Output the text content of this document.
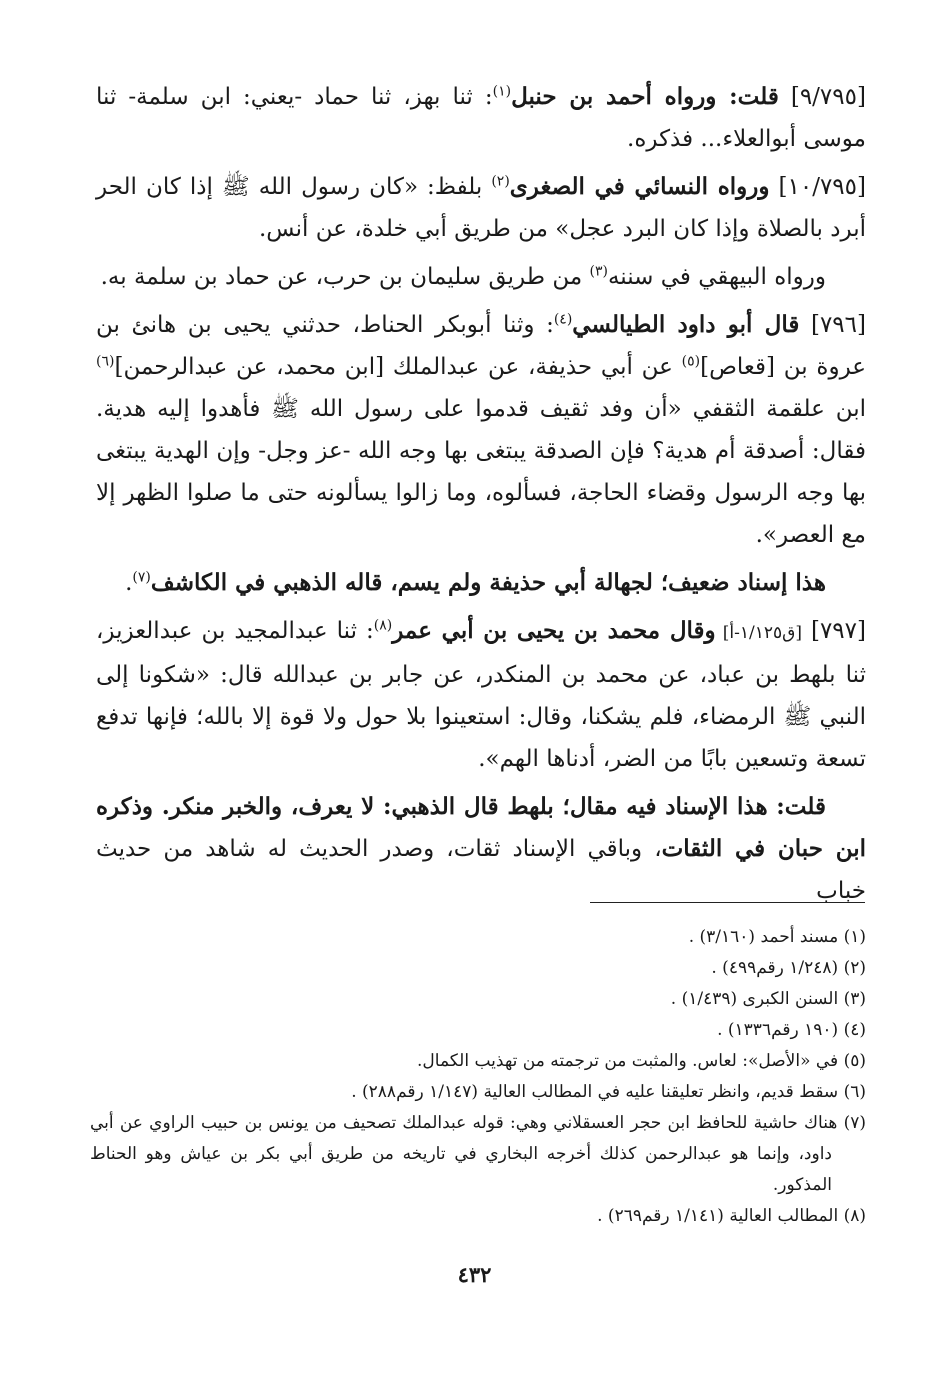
[٩/٧٩٥] قلت: ورواه أحمد بن حنبل$^{(١)}$: ثنا بهز، ثنا حماد -يعني: ابن سلمة- ثنا موسى أبوالعلاء... فذكره.

[١٠/٧٩٥] ورواه النسائي في الصغرى$^{(٢)}$ بلفظ: «كان رسول الله ﷺ إذا كان الحر أبرد بالصلاة وإذا كان البرد عجل» من طريق أبي خلدة، عن أنس.

ورواه البيهقي في سننه$^{(٣)}$ من طريق سليمان بن حرب، عن حماد بن سلمة به.

[٧٩٦] قال أبو داود الطيالسي$^{(٤)}$: وثنا أبوبكر الحناط، حدثني يحيى بن هانئ بن عروة بن [قعاص]$^{(٥)}$ عن أبي حذيفة، عن عبدالملك [ابن محمد، عن عبدالرحمن]$^{(٦)}$ ابن علقمة الثقفي «أن وفد ثقيف قدموا على رسول الله ﷺ فأهدوا إليه هدية. فقال: أصدقة أم هدية؟ فإن الصدقة يبتغى بها وجه الله -عز وجل- وإن الهدية يبتغى بها وجه الرسول وقضاء الحاجة، فسألوه، وما زالوا يسألونه حتى ما صلوا الظهر إلا مع العصر».

هذا إسناد ضعيف؛ لجهالة أبي حذيفة ولم يسم، قاله الذهبي في الكاشف$^{(٧)}$.

[٧٩٧] [ق١/١٢٥-أ] وقال محمد بن يحيى بن أبي عمر$^{(٨)}$: ثنا عبدالمجيد بن عبدالعزيز، ثنا بلهط بن عباد، عن محمد بن المنكدر، عن جابر بن عبدالله قال: «شكونا إلى النبي ﷺ الرمضاء، فلم يشكنا، وقال: استعينوا بلا حول ولا قوة إلا بالله؛ فإنها تدفع تسعة وتسعين بابًا من الضر، أدناها الهم».

قلت: هذا الإسناد فيه مقال؛ بلهط قال الذهبي: لا يعرف، والخبر منكر. وذكره ابن حبان في الثقات، وباقي الإسناد ثقات، وصدر الحديث له شاهد من حديث خباب

(١) مسند أحمد (٣/١٦٠) .

(٢) (١/٢٤٨ رقم٤٩٩) .

(٣) السنن الكبرى (١/٤٣٩) .

(٤) (١٩٠ رقم١٣٣٦) .

(٥) في «الأصل»: لعاس. والمثبت من ترجمته من تهذيب الكمال.

(٦) سقط قديم، وانظر تعليقنا عليه في المطالب العالية (١/١٤٧ رقم٢٨٨) .

(٧) هناك حاشية للحافظ ابن حجر العسقلاني وهي: قوله عبدالملك تصحيف من يونس بن حبيب الراوي عن أبي داود، وإنما هو عبدالرحمن كذلك أخرجه البخاري في تاريخه من طريق أبي بكر بن عياش وهو الحناط المذكور.

(٨) المطالب العالية (١/١٤١ رقم٢٦٩) .

٤٣٢
